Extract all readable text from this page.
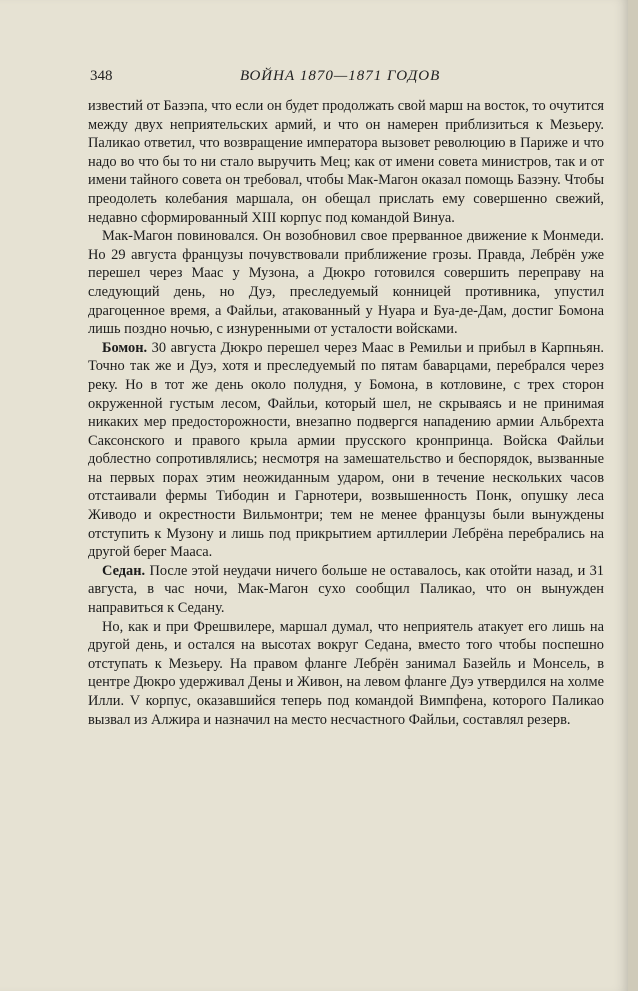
348	ВОЙНА 1870—1871 ГОДОВ

известий от Базэпа, что если он будет продолжать свой марш на восток, то очутится между двух неприятельских армий, и что он намерен приблизиться к Мезьеру. Паликао ответил, что возвращение императора вызовет революцию в Париже и что надо во что бы то ни стало выручить Мец; как от имени совета министров, так и от имени тайного совета он требовал, чтобы Мак-Магон оказал помощь Базэну. Чтобы преодолеть колебания маршала, он обещал прислать ему совершенно свежий, недавно сформированный XIII корпус под командой Винуа.

Мак-Магон повиновался. Он возобновил свое прерванное движение к Монмеди. Но 29 августа французы почувствовали приближение грозы. Правда, Лебрён уже перешел через Маас у Музона, а Дюкро готовился совершить переправу на следующий день, но Дуэ, преследуемый конницей противника, упустил драгоценное время, а Файльи, атакованный у Нуара и Буа-де-Дам, достиг Бомона лишь поздно ночью, с изнуренными от усталости войсками.

Бомон. 30 августа Дюкро перешел через Маас в Ремильи и прибыл в Карпньян. Точно так же и Дуэ, хотя и преследуемый по пятам баварцами, перебрался через реку. Но в тот же день около полудня, у Бомона, в котловине, с трех сторон окруженной густым лесом, Файльи, который шел, не скрываясь и не принимая никаких мер предосторожности, внезапно подвергся нападению армии Альбрехта Саксонского и правого крыла армии прусского кронпринца. Войска Файльи доблестно сопротивлялись; несмотря на замешательство и беспорядок, вызванные на первых порах этим неожиданным ударом, они в течение нескольких часов отстаивали фермы Тибодин и Гарнотери, возвышенность Понк, опушку леса Живодо и окрестности Вильмонтри; тем не менее французы были вынуждены отступить к Музону и лишь под прикрытием артиллерии Лебрёна перебрались на другой берег Мааса.

Седан. После этой неудачи ничего больше не оставалось, как отойти назад, и 31 августа, в час ночи, Мак-Магон сухо сообщил Паликао, что он вынужден направиться к Седану.

Но, как и при Фрешвилере, маршал думал, что неприятель атакует его лишь на другой день, и остался на высотах вокруг Седана, вместо того чтобы поспешно отступать к Мезьеру. На правом фланге Лебрён занимал Базейль и Монсель, в центре Дюкро удерживал Дены и Живон, на левом фланге Дуэ утвердился на холме Илли. V корпус, оказавшийся теперь под командой Вимпфена, которого Паликао вызвал из Алжира и назначил на место несчастного Файльи, составлял резерв.
